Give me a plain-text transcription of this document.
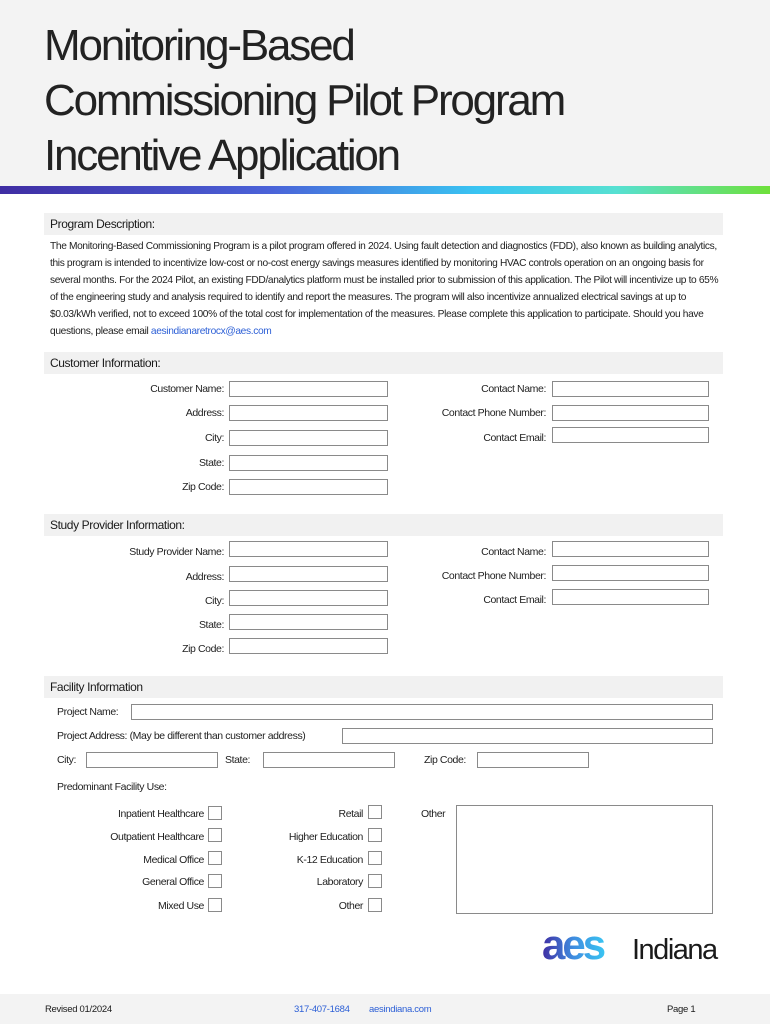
Monitoring-Based
Commissioning Pilot Program
Incentive Application
Program Description:

The Monitoring-Based Commissioning Program is a pilot program offered in 2024. Using fault detection and diagnostics (FDD), also known as building analytics, this program is intended to incentivize low-cost or no-cost energy savings measures identified by monitoring HVAC controls operation on an ongoing basis for several months. For the 2024 Pilot, an existing FDD/analytics platform must be installed prior to submission of this application. The Pilot will incentivize up to 65% of the engineering study and analysis required to identify and report the measures. The program will also incentivize annualized electrical savings at up to $0.03/kWh verified, not to exceed 100% of the total cost for implementation of the measures. Please complete this application to participate. Should you have questions, please email aesindianaretrocx@aes.com

Customer Information:
Customer Name:
Address:
City:
State:
Zip Code:
Contact Name:
Contact Phone Number:
Contact Email:
Study Provider Information:
Study Provider Name:
Address:
City:
State:
Zip Code:
Contact Name:
Contact Phone Number:
Contact Email:
Facility Information
Project Name:
Project Address: (May be different than customer address)
City:	State:	Zip Code:
Predominant Facility Use:
Inpatient Healthcare
Outpatient Healthcare
Medical Office
General Office
Mixed Use
Retail
Higher Education
K-12 Education
Laboratory
Other
Other
aes Indiana
Revised 01/2024	317-407-1684 aesindiana.com	Page 1
